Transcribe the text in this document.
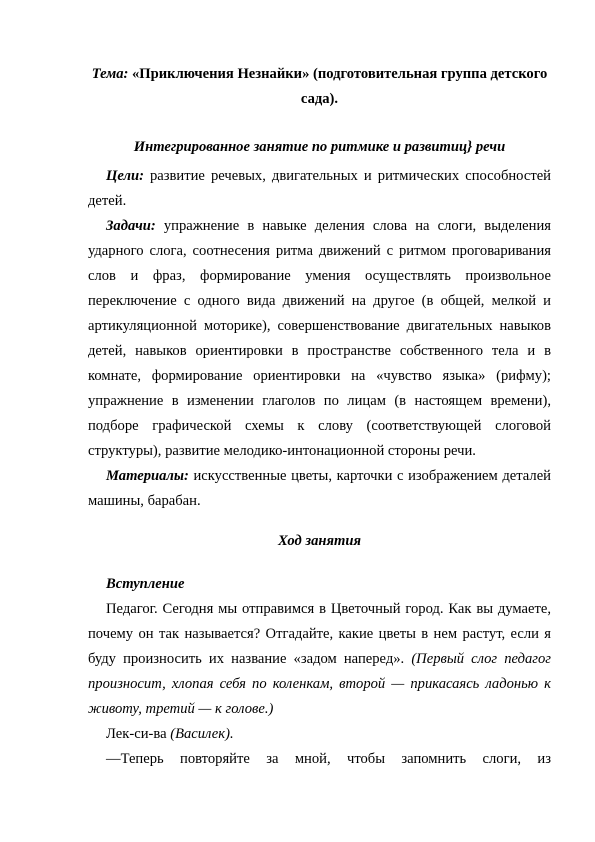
Тема: «Приключения Незнайки» (подготовительная группа детского сада).

Интегрированное занятие по ритмике и развитиц} речи

Цели: развитие речевых, двигательных и ритмических способностей детей.

Задачи: упражнение в навыке деления слова на слоги, выделения ударного слога, соотнесения ритма движений с ритмом проговаривания слов и фраз, формирование умения осуществлять произвольное переключение с одного вида движений на другое (в общей, мелкой и артикуляционной моторике), совершенствование двигательных навыков детей, навыков ориентировки в пространстве собственного тела и в комнате, формирование ориентировки на «чувство языка» (рифму); упражнение в изменении глаголов по лицам (в настоящем времени), подборе графической схемы к слову (соответствующей слоговой структуры), развитие мелодико-интонационной стороны речи.

Материалы: искусственные цветы, карточки с изображением деталей машины, барабан.

Ход занятия

Вступление

Педагог. Сегодня мы отправимся в Цветочный город. Как вы думаете, почему он так называется? Отгадайте, какие цветы в нем растут, если я буду произносить их название «задом наперед». (Первый слог педагог произносит, хлопая себя по коленкам, второй — прикасаясь ладонью к животу, третий — к голове.)

Лек-си-ва (Василек).

—Теперь повторяйте за мной, чтобы запомнить слоги, из
